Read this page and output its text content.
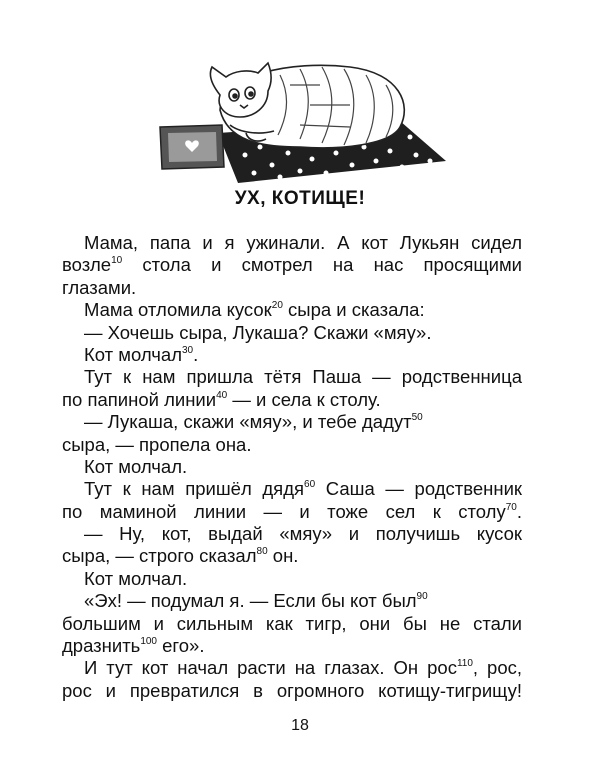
УХ, КОТИЩЕ!
Мама, папа и я ужинали. А кот Лукьян сидел
возле$^{10}$ стола и смотрел на нас просящими
глазами.
Мама отломила кусок$^{20}$ сыра и сказала:
— Хочешь сыра, Лукаша? Скажи «мяу».
Кот молчал$^{30}$.
Тут к нам пришла тётя Паша — родственница
по папиной линии$^{40}$ — и села к столу.
— Лукаша, скажи «мяу», и тебе дадут$^{50}$
сыра, — пропела она.
Кот молчал.
Тут к нам пришёл дядя$^{60}$ Саша — родственник
по маминой линии — и тоже сел к столу$^{70}$.
— Ну, кот, выдай «мяу» и получишь кусок
сыра, — строго сказал$^{80}$ он.
Кот молчал.
«Эх! — подумал я. — Если бы кот был$^{90}$
большим и сильным как тигр, они бы не стали
дразнить$^{100}$ его».
И тут кот начал расти на глазах. Он рос$^{110}$, рос,
рос и превратился в огромного котищу-тигрищу!
18
